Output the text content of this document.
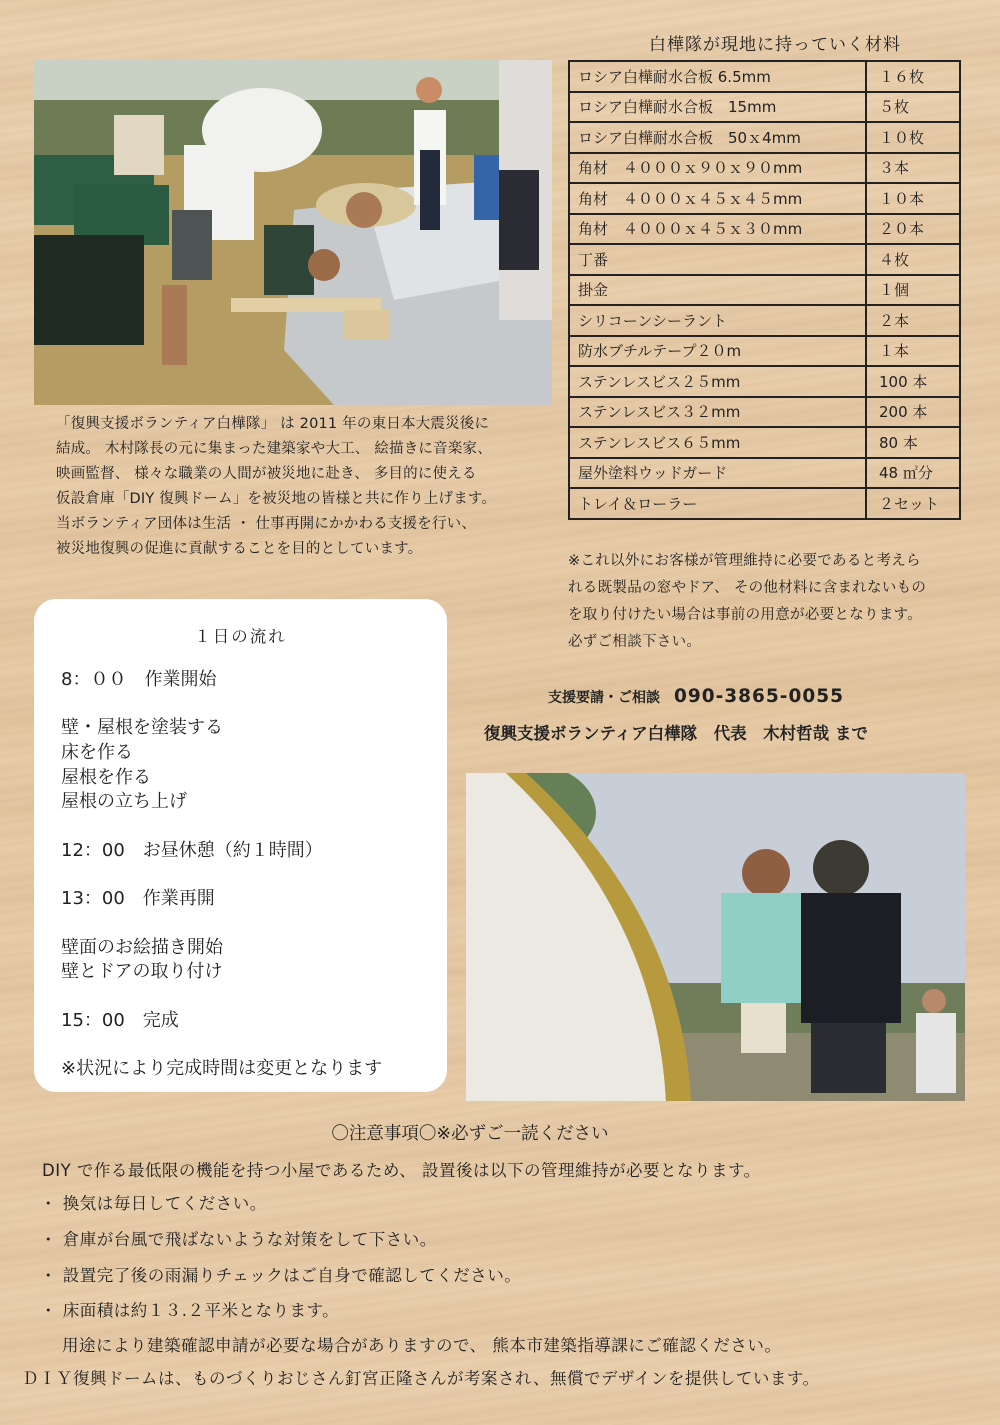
「復興支援ボランティア白樺隊」 は 2011 年の東日本大震災後に

結成。 木村隊長の元に集まった建築家や大工、 絵描きに音楽家、

映画監督、 様々な職業の人間が被災地に赴き、 多目的に使える

仮設倉庫「DIY 復興ドーム」を被災地の皆様と共に作り上げます。

当ボランティア団体は生活 ・ 仕事再開にかかわる支援を行い、

被災地復興の促進に貢献することを目的としています。

白樺隊が現地に持っていく材料
ロシア白樺耐水合板 6.5mm	１６枚
ロシア白樺耐水合板　15mm	５枚
ロシア白樺耐水合板　50ｘ4mm	１０枚
角材　４０００ｘ９０ｘ９０mm	３本
角材　４０００ｘ４５ｘ４５mm	１０本
角材　４０００ｘ４５ｘ３０mm	２０本
丁番	４枚
掛金	１個
シリコーンシーラント	２本
防水ブチルテープ２０m	１本
ステンレスビス２５mm	100 本
ステンレスビス３２mm	200 本
ステンレスビス６５mm	80 本
屋外塗料ウッドガード	48 ㎡分
トレイ＆ローラー	２セット

※これ以外にお客様が管理維持に必要であると考えら

れる既製品の窓やドア、 その他材料に含まれないもの

を取り付けたい場合は事前の用意が必要となります。

必ずご相談下さい。

支援要請・ご相談 090-3865-0055
復興支援ボランティア白樺隊　代表　木村哲哉 まで
１日の流れ
8：００　作業開始
壁・屋根を塗装する
床を作る
屋根を作る
屋根の立ち上げ
12：00　お昼休憩（約１時間）
13：00　作業再開
壁面のお絵描き開始
壁とドアの取り付け
15：00　完成
※状況により完成時間は変更となります
〇注意事項〇※必ずご一読ください
DIY で作る最低限の機能を持つ小屋であるため、 設置後は以下の管理維持が必要となります。
・ 換気は毎日してください。
・ 倉庫が台風で飛ばないような対策をして下さい。
・ 設置完了後の雨漏りチェックはご自身で確認してください。
・ 床面積は約１３.２平米となります。
用途により建築確認申請が必要な場合がありますので、 熊本市建築指導課にご確認ください。
ＤＩＹ復興ドームは、ものづくりおじさん釘宮正隆さんが考案され、無償でデザインを提供しています。
